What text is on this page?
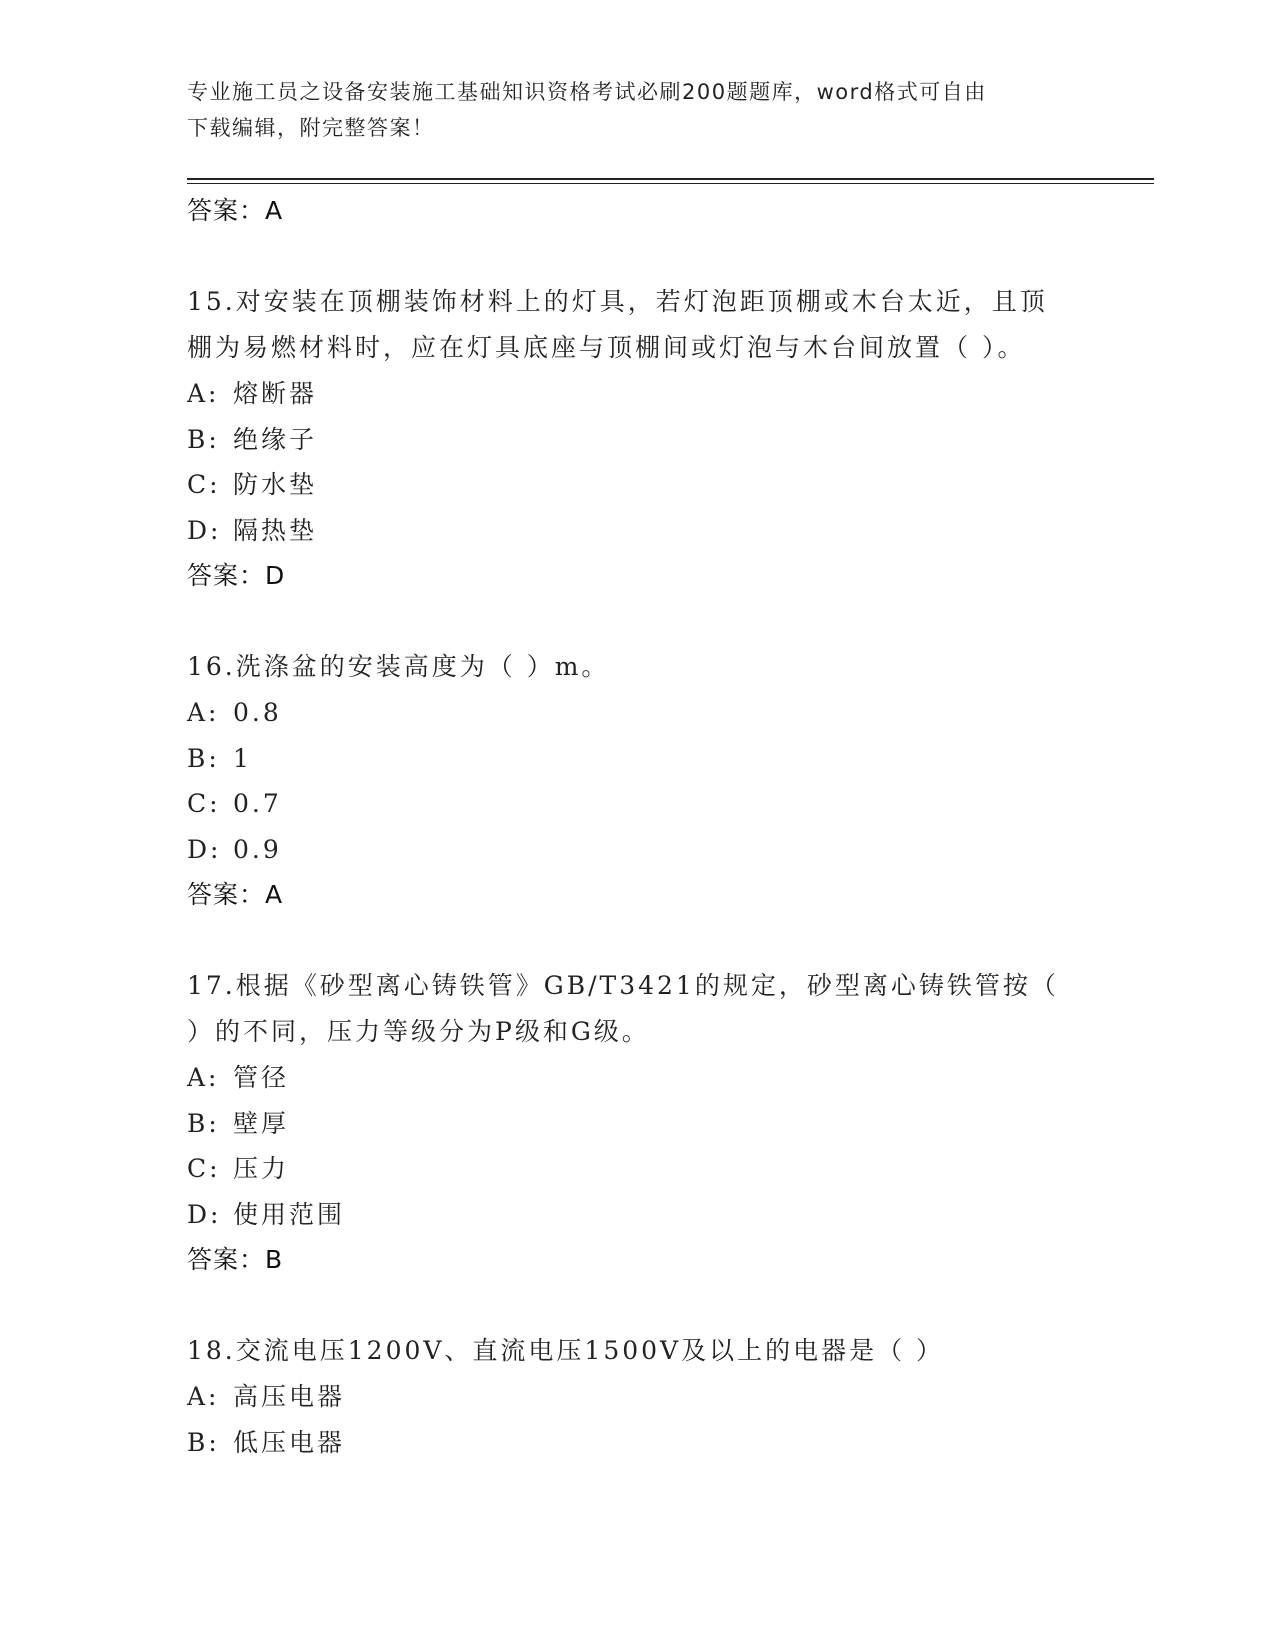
专业施工员之设备安装施工基础知识资格考试必刷200题题库，word格式可自由
下载编辑，附完整答案！

答案：A

15.对安装在顶棚装饰材料上的灯具，若灯泡距顶棚或木台太近，且顶

棚为易燃材料时，应在灯具底座与顶棚间或灯泡与木台间放置（ ）。

A: 熔断器

B: 绝缘子

C: 防水垫

D: 隔热垫

答案：D

16.洗涤盆的安装高度为（ ）m。

A: 0.8

B: 1

C: 0.7

D: 0.9

答案：A

17.根据《砂型离心铸铁管》GB/T3421的规定，砂型离心铸铁管按（

）的不同，压力等级分为P级和G级。

A: 管径

B: 壁厚

C: 压力

D: 使用范围

答案：B

18.交流电压1200V、直流电压1500V及以上的电器是（ ）

A: 高压电器

B: 低压电器
